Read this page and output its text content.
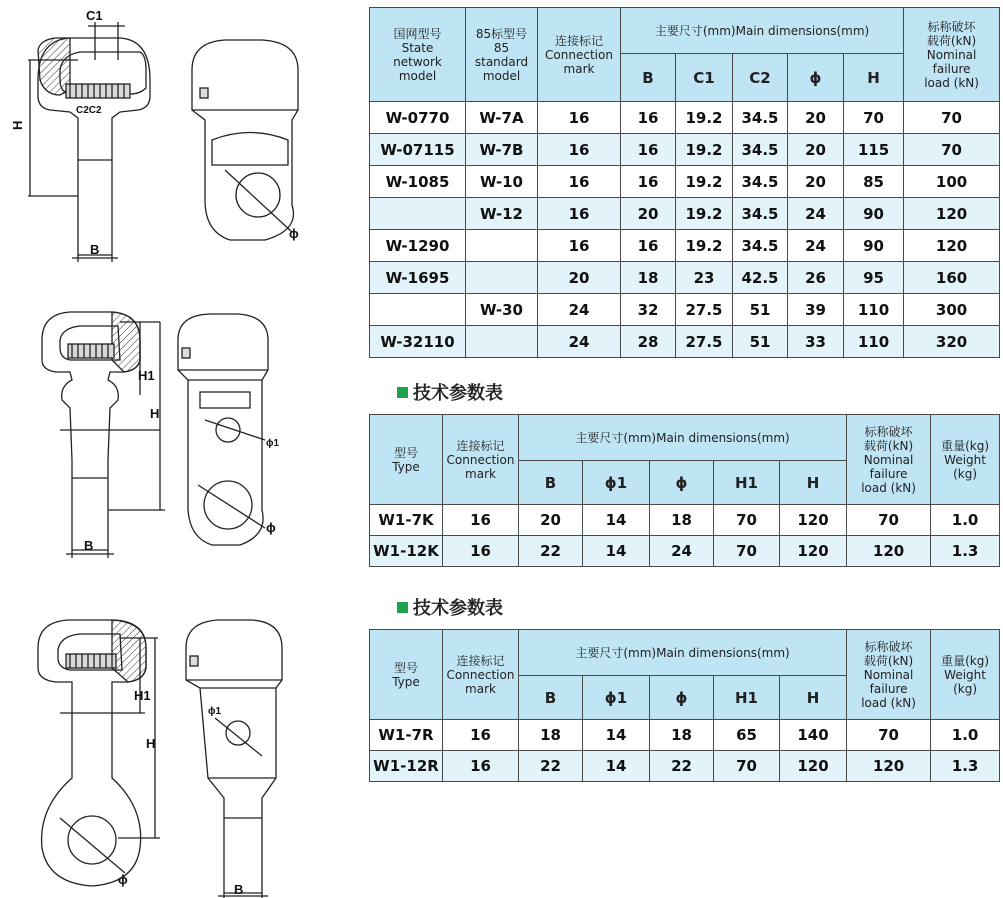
C1
C2C2
H
B
ϕ
H1
H
B
ϕ1
ϕ
H1
H
ϕ
ϕ1
B
国网型号
State
network
model	85标型号
85
standard
model	连接标记
Connection
mark	主要尺寸(mm)Main dimensions(mm)					标称破坏
载荷(kN)
Nominal
failure
load (kN)
			B	C1	C2	ϕ	H	
W-0770	W-7A	16	16	19.2	34.5	20	70	70
W-07115	W-7B	16	16	19.2	34.5	20	115	70
W-1085	W-10	16	16	19.2	34.5	20	85	100
	W-12	16	20	19.2	34.5	24	90	120
W-1290		16	16	19.2	34.5	24	90	120
W-1695		20	18	23	42.5	26	95	160
	W-30	24	32	27.5	51	39	110	300
W-32110		24	28	27.5	51	33	110	320
技术参数表
型号
Type	连接标记
Connection
mark	主要尺寸(mm)Main dimensions(mm)					标称破坏
载荷(kN)
Nominal
failure
load (kN)	重量(kg)
Weight
(kg)
		B	ϕ1	ϕ	H1	H		
W1-7K	16	20	14	18	70	120	70	1.0
W1-12K	16	22	14	24	70	120	120	1.3
技术参数表
型号
Type	连接标记
Connection
mark	主要尺寸(mm)Main dimensions(mm)					标称破坏
载荷(kN)
Nominal
failure
load (kN)	重量(kg)
Weight
(kg)
		B	ϕ1	ϕ	H1	H		
W1-7R	16	18	14	18	65	140	70	1.0
W1-12R	16	22	14	22	70	120	120	1.3
